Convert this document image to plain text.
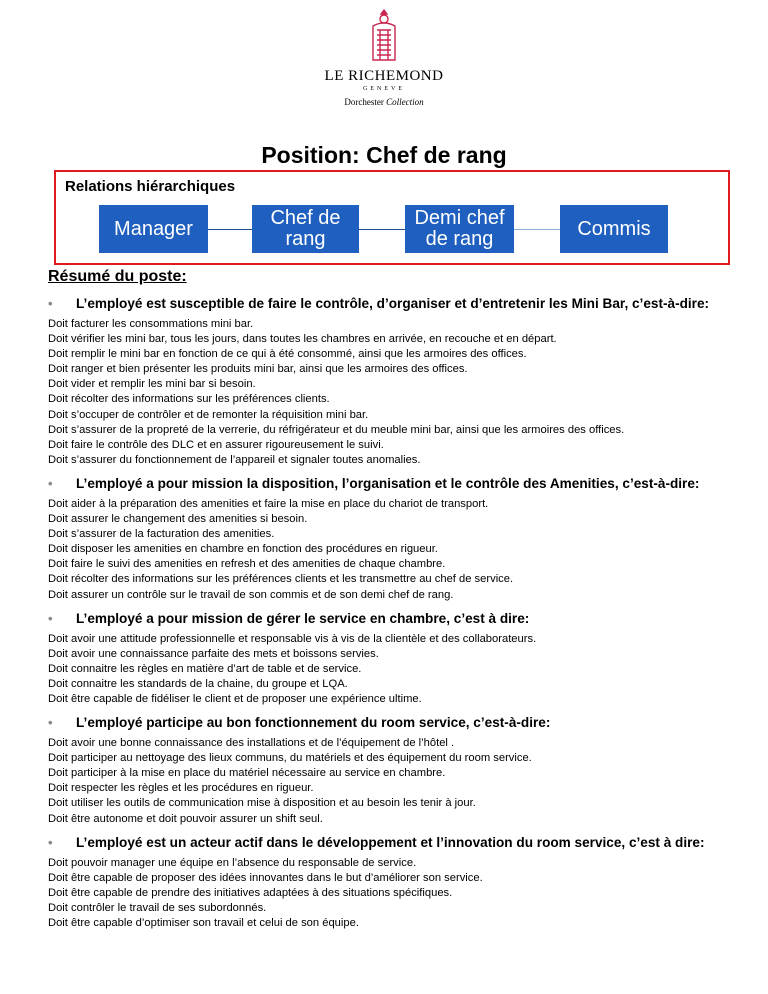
LE RICHEMOND
GENEVE
Dorchester Collection
Position: Chef de rang
Relations hiérarchiques
Manager	Chef de rang
Demi chef de rang	Commis
Résumé du poste:
•	L’employé est susceptible de faire le contrôle, d’organiser et d’entretenir les Mini Bar, c’est-à-dire:
Doit facturer les consommations mini bar.
Doit vérifier les mini bar, tous les jours, dans toutes les chambres en arrivée, en recouche et en départ.
Doit remplir le mini bar en fonction de ce qui à été consommé, ainsi que les armoires des offices.
Doit ranger et bien présenter les produits mini bar, ainsi que les armoires des offices.
Doit vider et remplir les mini bar si besoin.
Doit récolter des informations sur les préférences clients.
Doit s’occuper de contrôler et de remonter la réquisition mini bar.
Doit s’assurer de la propreté de la verrerie, du réfrigérateur et du meuble mini bar, ainsi que les armoires des offices.
Doit faire le contrôle des DLC et en assurer rigoureusement le suivi.
Doit s’assurer du fonctionnement de l’appareil et signaler toutes anomalies.
•	L’employé a pour mission la disposition, l’organisation et le contrôle des Amenities, c’est-à-dire:
Doit aider à la préparation des amenities et faire la mise en place du chariot de transport.
Doit assurer le changement des amenities si besoin.
Doit s’assurer de la facturation des amenities.
Doit disposer les amenities en chambre en fonction des procédures en rigueur.
Doit faire le suivi des amenities en refresh et des amenities de chaque chambre.
Doit récolter des informations sur les préférences clients et les transmettre au chef de service.
Doit assurer un contrôle sur le travail de son commis et de son demi chef de rang.
•	L’employé a pour mission de gérer le service en chambre, c’est à dire:
Doit avoir une attitude professionnelle et responsable vis à vis de la clientèle et des collaborateurs.
Doit avoir une connaissance parfaite des mets et boissons servies.
Doit connaitre les règles en matière d’art de table et de service.
Doit connaitre les standards de la chaine, du groupe et LQA.
Doit être capable de fidéliser le client et de proposer une expérience ultime.
•	L’employé participe au bon fonctionnement du room service, c’est-à-dire:
Doit avoir une bonne connaissance des installations et de l’équipement de l’hôtel .
Doit participer au nettoyage des lieux communs, du matériels et des équipement du room service.
Doit participer à la mise en place du matériel nécessaire au service en chambre.
Doit respecter les règles et les procédures en rigueur.
Doit utiliser les outils de communication mise à disposition et au besoin les tenir à jour.
Doit être autonome et doit pouvoir assurer un shift seul.
•	L’employé est un acteur actif dans le développement et l’innovation du room service, c’est à dire:
Doit pouvoir manager une équipe en l’absence du responsable de service.
Doit être capable de proposer des idées innovantes dans le but d’améliorer son service.
Doit être capable de prendre des initiatives adaptées à des situations spécifiques.
Doit contrôler le travail de ses subordonnés.
Doit être capable d’optimiser son travail et celui de son équipe.
